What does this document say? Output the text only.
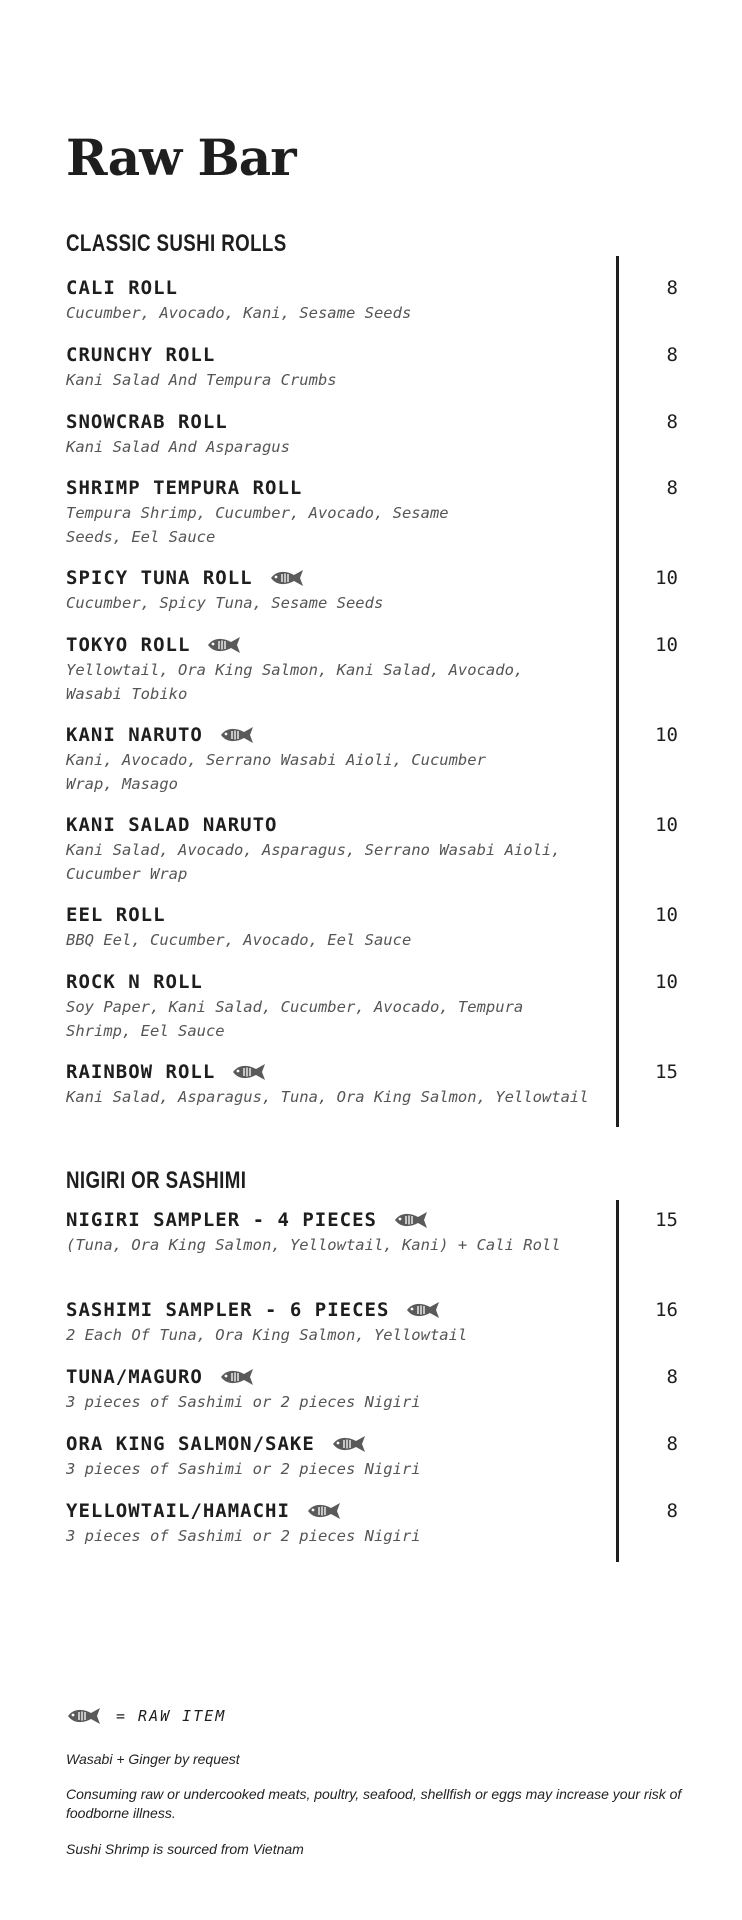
Raw Bar
CLASSIC SUSHI ROLLS
CALI ROLL
Cucumber, Avocado, Kani, Sesame Seeds
8
CRUNCHY ROLL
Kani Salad And Tempura Crumbs
8
SNOWCRAB ROLL
Kani Salad And Asparagus
8
SHRIMP TEMPURA ROLL
Tempura Shrimp, Cucumber, Avocado, Sesame Seeds, Eel Sauce
8
SPICY TUNA ROLL
Cucumber, Spicy Tuna, Sesame Seeds
10
TOKYO ROLL
Yellowtail, Ora King Salmon, Kani Salad, Avocado, Wasabi Tobiko
10
KANI NARUTO
Kani, Avocado, Serrano Wasabi Aioli, Cucumber Wrap, Masago
10
KANI SALAD NARUTO
Kani Salad, Avocado, Asparagus, Serrano Wasabi Aioli, Cucumber Wrap
10
EEL ROLL
BBQ Eel, Cucumber, Avocado, Eel Sauce
10
ROCK N ROLL
Soy Paper, Kani Salad, Cucumber, Avocado, Tempura Shrimp, Eel Sauce
10
RAINBOW ROLL
Kani Salad, Asparagus, Tuna, Ora King Salmon, Yellowtail
15
NIGIRI OR SASHIMI
NIGIRI SAMPLER - 4 PIECES
(Tuna, Ora King Salmon, Yellowtail, Kani) + Cali Roll
15
SASHIMI SAMPLER - 6 PIECES
2 Each Of Tuna, Ora King Salmon, Yellowtail
16
TUNA/MAGURO
3 pieces of Sashimi or 2 pieces Nigiri
8
ORA KING SALMON/SAKE
3 pieces of Sashimi or 2 pieces Nigiri
8
YELLOWTAIL/HAMACHI
3 pieces of Sashimi or 2 pieces Nigiri
8
= RAW ITEM
Wasabi + Ginger by request
Consuming raw or undercooked meats, poultry, seafood, shellfish or eggs may increase your risk of foodborne illness.
Sushi Shrimp is sourced from Vietnam
